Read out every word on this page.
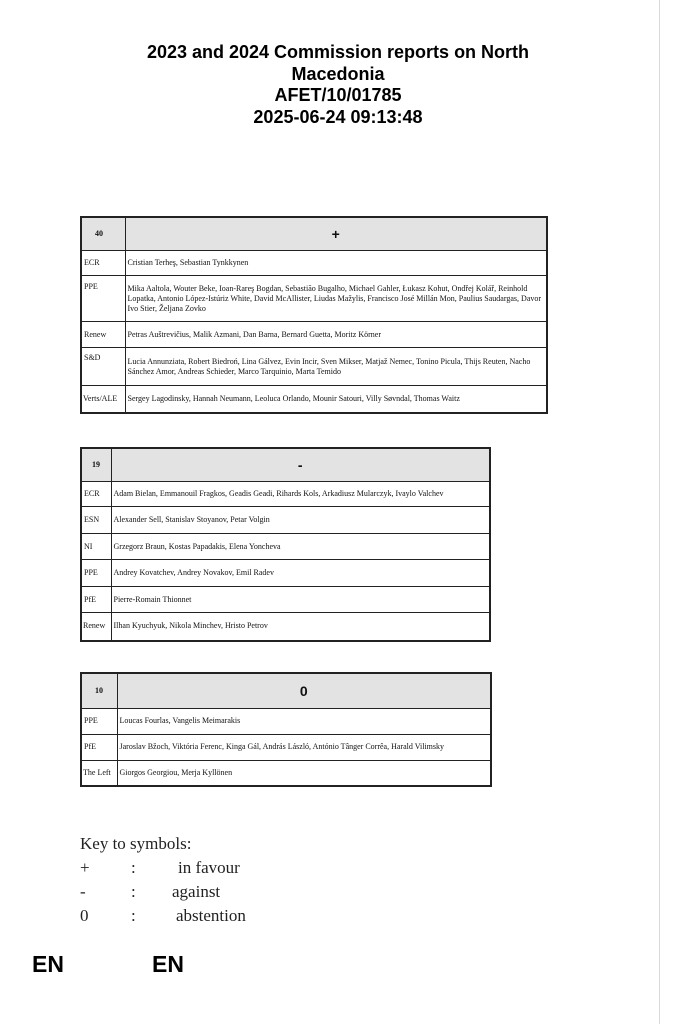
2023 and 2024 Commission reports on North
Macedonia
AFET/10/01785
2025-06-24 09:13:48
40	+
ECR	Cristian Terheş, Sebastian Tynkkynen
PPE	Mika Aaltola, Wouter Beke, Ioan-Rareş Bogdan, Sebastião Bugalho, Michael Gahler, Łukasz Kohut, Ondřej Kolář, Reinhold Lopatka, Antonio López-Istúriz White, David McAllister, Liudas Mažylis, Francisco José Millán Mon, Paulius Saudargas, Davor Ivo Stier, Željana Zovko
Renew	Petras Auštrevičius, Malik Azmani, Dan Barna, Bernard Guetta, Moritz Körner
S&D	Lucia Annunziata, Robert Biedroń, Lina Gálvez, Evin Incir, Sven Mikser, Matjaž Nemec, Tonino Picula, Thijs Reuten, Nacho Sánchez Amor, Andreas Schieder, Marco Tarquinio, Marta Temido
Verts/ALE	Sergey Lagodinsky, Hannah Neumann, Leoluca Orlando, Mounir Satouri, Villy Søvndal, Thomas Waitz
19	-
ECR	Adam Bielan, Emmanouil Fragkos, Geadis Geadi, Rihards Kols, Arkadiusz Mularczyk, Ivaylo Valchev
ESN	Alexander Sell, Stanislav Stoyanov, Petar Volgin
NI	Grzegorz Braun, Kostas Papadakis, Elena Yoncheva
PPE	Andrey Kovatchev, Andrey Novakov, Emil Radev
PfE	Pierre-Romain Thionnet
Renew	Ilhan Kyuchyuk, Nikola Minchev, Hristo Petrov
10	0
PPE	Loucas Fourlas, Vangelis Meimarakis
PfE	Jaroslav Bžoch, Viktória Ferenc, Kinga Gál, András László, António Tânger Corrêa, Harald Vilimsky
The Left	Giorgos Georgiou, Merja Kyllönen
Key to symbols:
+ : in favour
-	: against
0	: abstention
EN	EN
